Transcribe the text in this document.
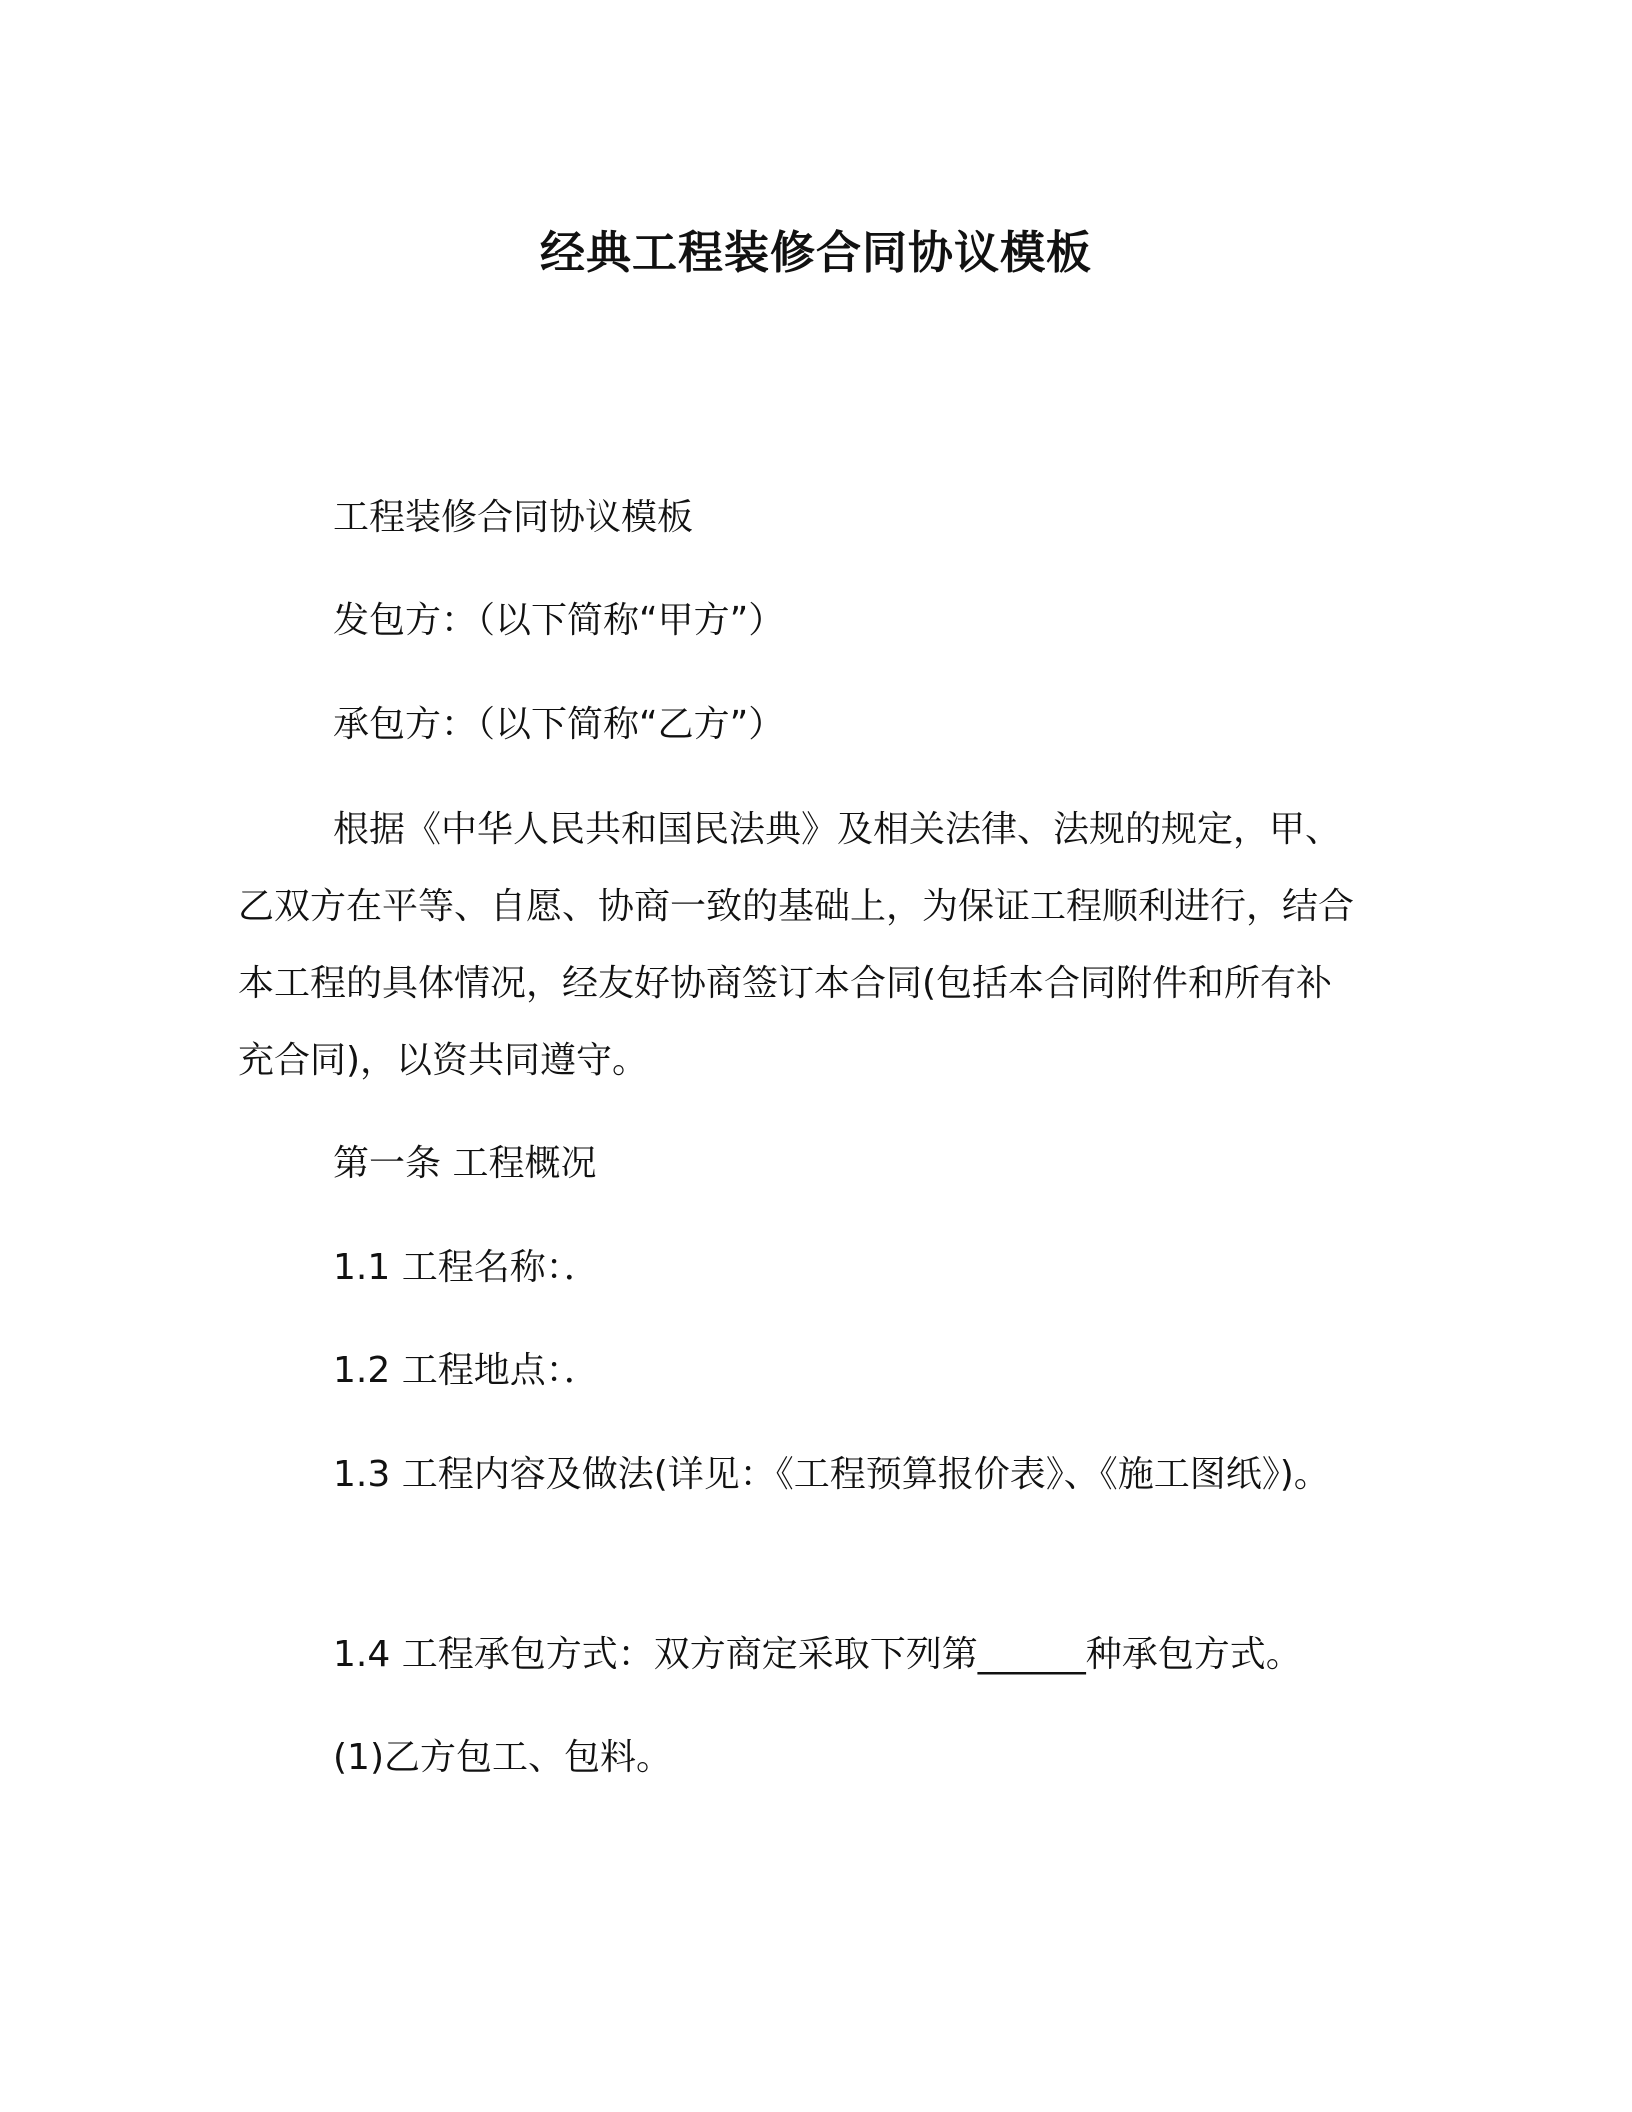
经典工程装修合同协议模板

工程装修合同协议模板

发包方：（以下简称“甲方”）

承包方：（以下简称“乙方”）

根据《中华人民共和国民法典》及相关法律、法规的规定，甲、乙双方在平等、自愿、协商一致的基础上，为保证工程顺利进行，结合本工程的具体情况，经友好协商签订本合同(包括本合同附件和所有补充合同)，以资共同遵守。

第一条 工程概况

1.1 工程名称：．

1.2 工程地点：．

1.3 工程内容及做法(详见：《工程预算报价表》、《施工图纸》)。

1.4 工程承包方式：双方商定采取下列第______种承包方式。

(1)乙方包工、包料。
